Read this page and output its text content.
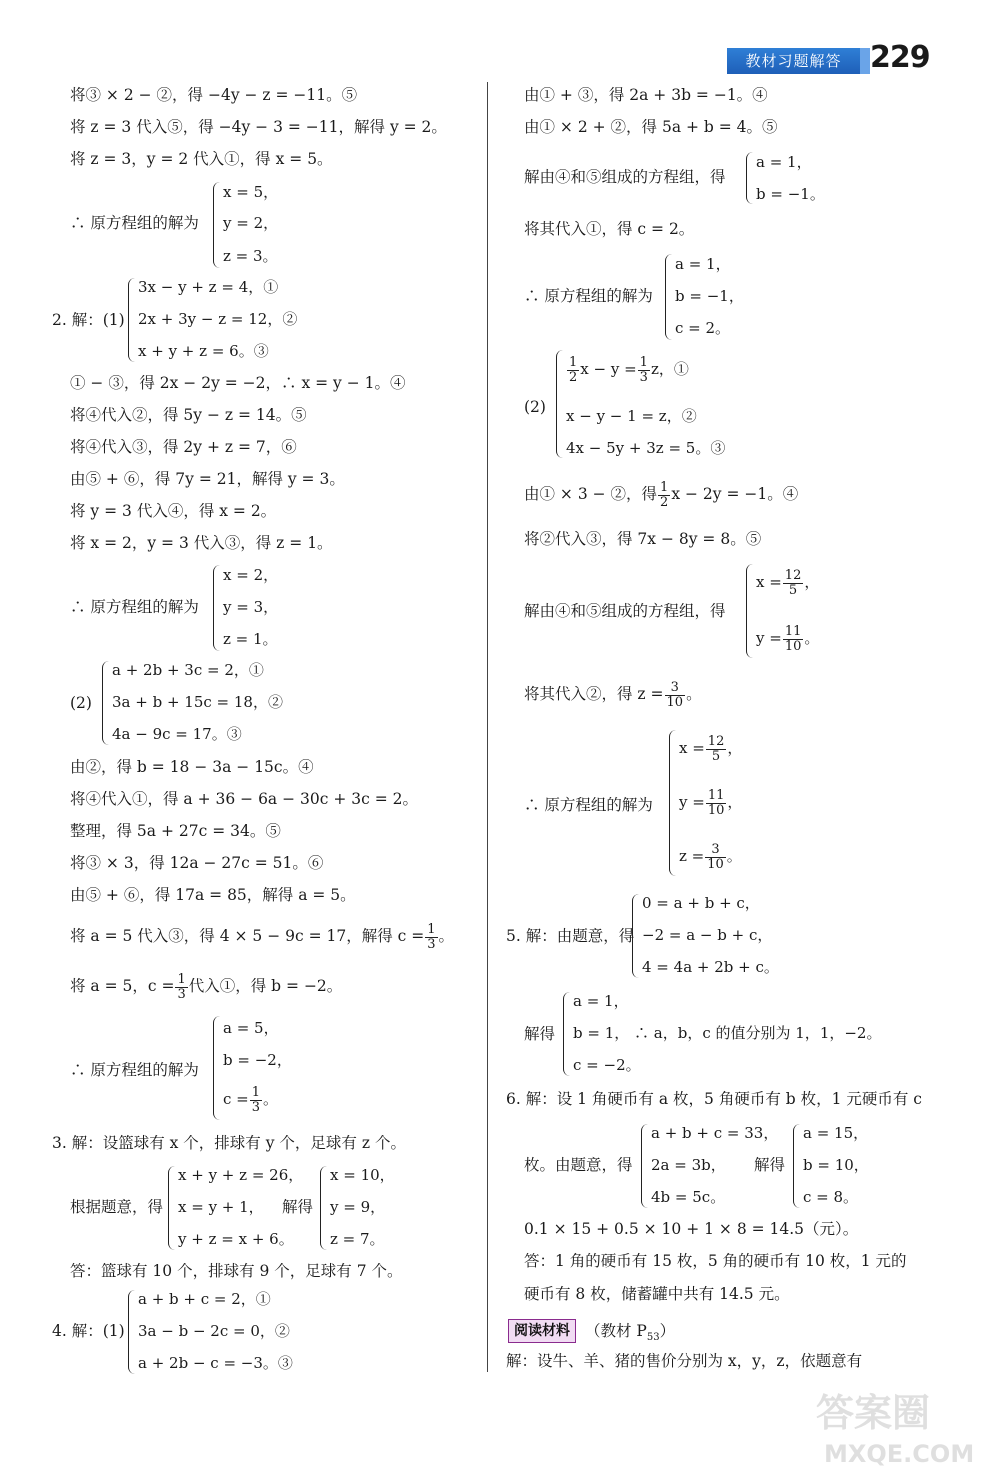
教材习题解答 229
将③ × 2 − ②，得 −4y − z = −11。⑤
将 z = 3 代入⑤，得 −4y − 3 = −11，解得 y = 2。
将 z = 3，y = 2 代入①，得 x = 5。
∴ 原方程组的解为
x = 5，
y = 2，
z = 3。
2. 解：(1)
3x − y + z = 4，①
2x + 3y − z = 12，②
x + y + z = 6。③
① − ③，得 2x − 2y = −2，∴ x = y − 1。④
将④代入②，得 5y − z = 14。⑤
将④代入③，得 2y + z = 7，⑥
由⑤ + ⑥，得 7y = 21，解得 y = 3。
将 y = 3 代入④，得 x = 2。
将 x = 2，y = 3 代入③，得 z = 1。
∴ 原方程组的解为
x = 2，
y = 3，
z = 1。
(2)
a + 2b + 3c = 2，①
3a + b + 15c = 18，②
4a − 9c = 17。③
由②，得 b = 18 − 3a − 15c。④
将④代入①，得 a + 36 − 6a − 30c + 3c = 2。
整理，得 5a + 27c = 34。⑤
将③ × 3，得 12a − 27c = 51。⑥
由⑤ + ⑥，得 17a = 85，解得 a = 5。
将 a = 5 代入③，得 4 × 5 − 9c = 17，解得 $c = \frac{1}{3}$ 。
将 a = 5，$c = \frac{1}{3}$ 代入①，得 b = −2。
∴ 原方程组的解为
a = 5，
b = −2，
$c = \frac{1}{3}$ 。
3. 解：设篮球有 x 个，排球有 y 个，足球有 z 个。
根据题意，得
x + y + z = 26，
x = y + 1，
y + z = x + 6。
解得
x = 10，
y = 9，
z = 7。
答：篮球有 10 个，排球有 9 个，足球有 7 个。
4. 解：(1)
a + b + c = 2，①
3a − b − 2c = 0，②
a + 2b − c = −3。③
由① + ③，得 2a + 3b = −1。④
由① × 2 + ②，得 5a + b = 4。⑤
解由④和⑤组成的方程组，得
a = 1，
b = −1。
将其代入①，得 c = 2。
∴ 原方程组的解为
a = 1，
b = −1，
c = 2。
(2)
$\frac{1}{2}$ $x - y = \frac{1}{3}$ z，①
x − y − 1 = z，②
4x − 5y + 3z = 5。③
由① × 3 − ②，得 $\frac{1}{2}$ x − 2y = −1。④
将②代入③，得 7x − 8y = 8。⑤
解由④和⑤组成的方程组，得
$x = \frac{12}{5}$ ，
$y = \frac{11}{10}$ 。
将其代入②，得 $z = \frac{3}{10}$ 。
∴ 原方程组的解为
$x = \frac{12}{5}$ ，
$y = \frac{11}{10}$ ，
$z = \frac{3}{10}$ 。
5. 解：由题意，得
0 = a + b + c，
−2 = a − b + c，
4 = 4a + 2b + c。
解得
a = 1，
b = 1， ∴ a，b，c 的值分别为 1，1，−2。
c = −2。
6. 解：设 1 角硬币有 a 枚，5 角硬币有 b 枚，1 元硬币有 c
枚。由题意，得
a + b + c = 33，
2a = 3b，
4b = 5c。
解得
a = 15，
b = 10，
c = 8。
0.1 × 15 + 0.5 × 10 + 1 × 8 = 14.5（元）。
答：1 角的硬币有 15 枚，5 角的硬币有 10 枚，1 元的
硬币有 8 枚，储蓄罐中共有 14.5 元。
阅读材料 （教材 $P_{53}$）
解：设牛、羊、猪的售价分别为 x，y，z，依题意有
答案圈
MXQE.COM
